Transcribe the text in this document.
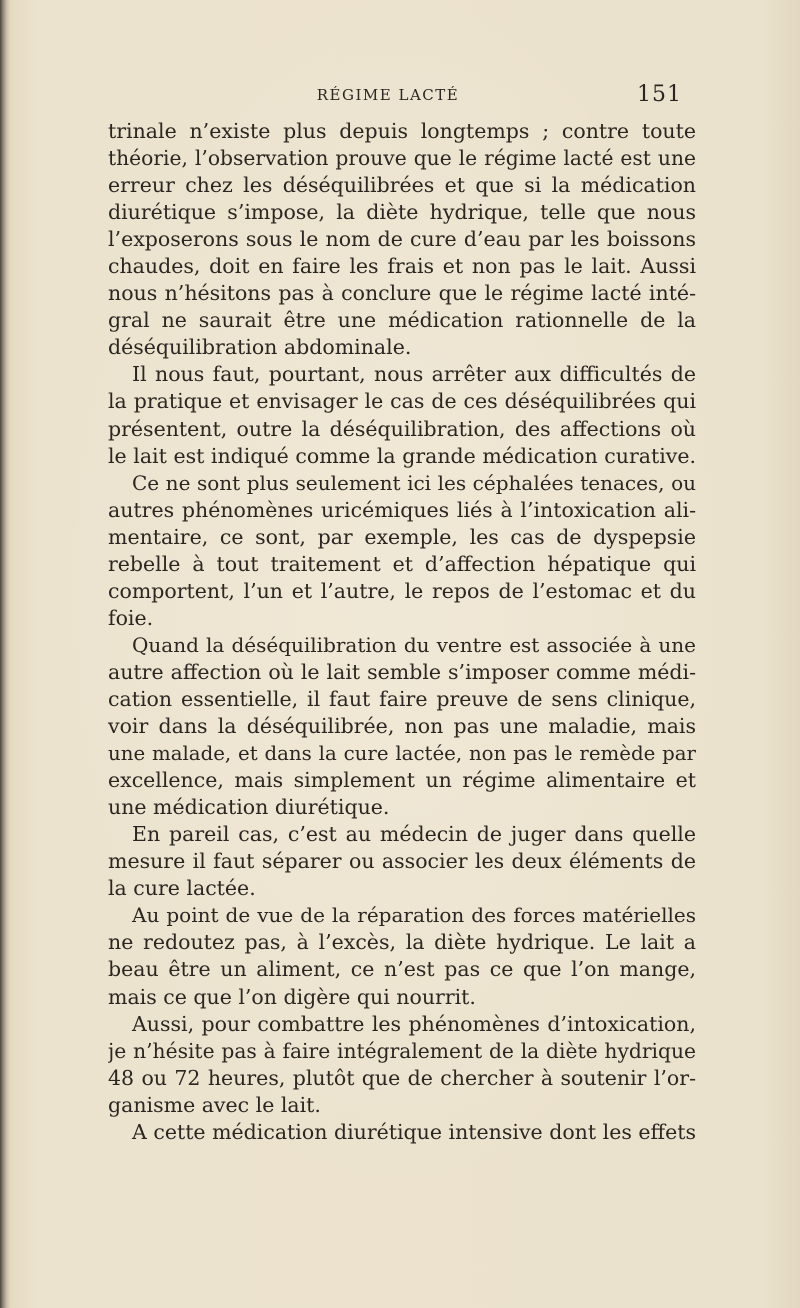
RÉGIME LACTÉ	151
trinale n’existe plus depuis longtemps ; contre toute
théorie, l’observation prouve que le régime lacté est une
erreur chez les déséquilibrées et que si la médication
diurétique s’impose, la diète hydrique, telle que nous
l’exposerons sous le nom de cure d’eau par les boissons
chaudes, doit en faire les frais et non pas le lait. Aussi
nous n’hésitons pas à conclure que le régime lacté inté-
gral ne saurait être une médication rationnelle de la
déséquilibration abdominale.
Il nous faut, pourtant, nous arrêter aux difficultés de
la pratique et envisager le cas de ces déséquilibrées qui
présentent, outre la déséquilibration, des affections où
le lait est indiqué comme la grande médication curative.
Ce ne sont plus seulement ici les céphalées tenaces, ou
autres phénomènes uricémiques liés à l’intoxication ali-
mentaire, ce sont, par exemple, les cas de dyspepsie
rebelle à tout traitement et d’affection hépatique qui
comportent, l’un et l’autre, le repos de l’estomac et du
foie.
Quand la déséquilibration du ventre est associée à une
autre affection où le lait semble s’imposer comme médi-
cation essentielle, il faut faire preuve de sens clinique,
voir dans la déséquilibrée, non pas une maladie, mais
une malade, et dans la cure lactée, non pas le remède par
excellence, mais simplement un régime alimentaire et
une médication diurétique.
En pareil cas, c’est au médecin de juger dans quelle
mesure il faut séparer ou associer les deux éléments de
la cure lactée.
Au point de vue de la réparation des forces matérielles
ne redoutez pas, à l’excès, la diète hydrique. Le lait a
beau être un aliment, ce n’est pas ce que l’on mange,
mais ce que l’on digère qui nourrit.
Aussi, pour combattre les phénomènes d’intoxication,
je n’hésite pas à faire intégralement de la diète hydrique
48 ou 72 heures, plutôt que de chercher à soutenir l’or-
ganisme avec le lait.
A cette médication diurétique intensive dont les effets
